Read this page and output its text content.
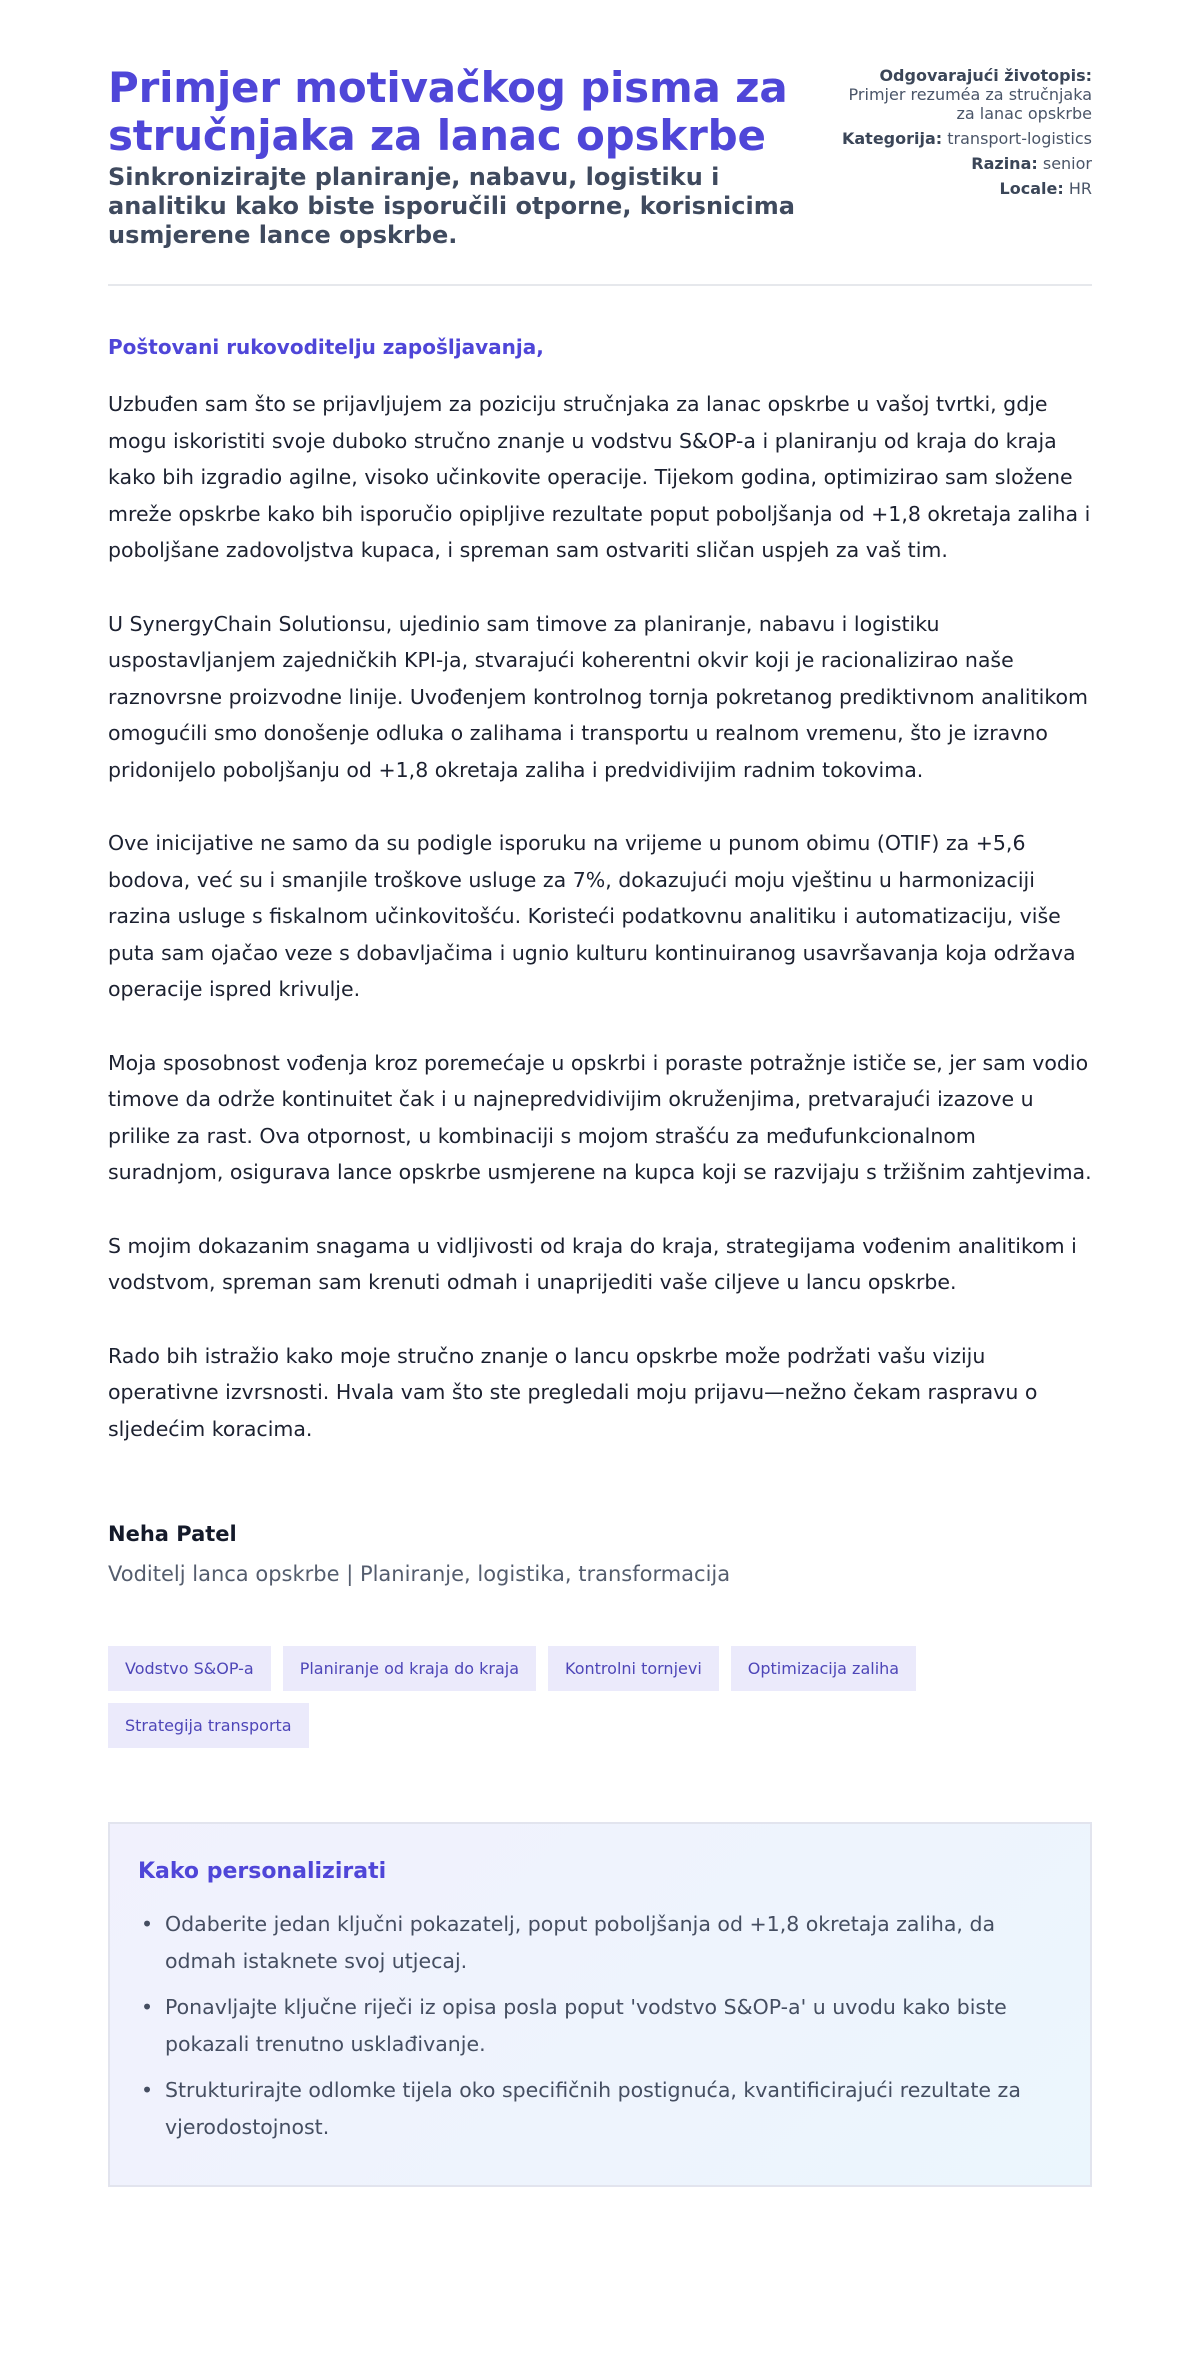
Primjer motivačkog pisma za stručnjaka za lanac opskrbe
Sinkronizirajte planiranje, nabavu, logistiku i analitiku kako biste isporučili otporne, korisnicima usmjerene lance opskrbe.
Odgovarajući životopis:
Primjer rezuméa za stručnjaka za lanac opskrbe
Kategorija: transport-logistics
Razina: senior
Locale: HR

Poštovani rukovoditelju zapošljavanja,

Uzbuđen sam što se prijavljujem za poziciju stručnjaka za lanac opskrbe u vašoj tvrtki, gdje mogu iskoristiti svoje duboko stručno znanje u vodstvu S&OP-a i planiranju od kraja do kraja kako bih izgradio agilne, visoko učinkovite operacije. Tijekom godina, optimizirao sam složene mreže opskrbe kako bih isporučio opipljive rezultate poput poboljšanja od +1,8 okretaja zaliha i poboljšane zadovoljstva kupaca, i spreman sam ostvariti sličan uspjeh za vaš tim.

U SynergyChain Solutionsu, ujedinio sam timove za planiranje, nabavu i logistiku uspostavljanjem zajedničkih KPI-ja, stvarajući koherentni okvir koji je racionalizirao naše raznovrsne proizvodne linije. Uvođenjem kontrolnog tornja pokretanog prediktivnom analitikom omogućili smo donošenje odluka o zalihama i transportu u realnom vremenu, što je izravno pridonijelo poboljšanju od +1,8 okretaja zaliha i predvidivijim radnim tokovima.

Ove inicijative ne samo da su podigle isporuku na vrijeme u punom obimu (OTIF) za +5,6 bodova, već su i smanjile troškove usluge za 7%, dokazujući moju vještinu u harmonizaciji razina usluge s fiskalnom učinkovitošću. Koristeći podatkovnu analitiku i automatizaciju, više puta sam ojačao veze s dobavljačima i ugnio kulturu kontinuiranog usavršavanja koja održava operacije ispred krivulje.

Moja sposobnost vođenja kroz poremećaje u opskrbi i poraste potražnje ističe se, jer sam vodio timove da održe kontinuitet čak i u najnepredvidivijim okruženjima, pretvarajući izazove u prilike za rast. Ova otpornost, u kombinaciji s mojom strašću za međufunkcionalnom suradnjom, osigurava lance opskrbe usmjerene na kupca koji se razvijaju s tržišnim zahtjevima.

S mojim dokazanim snagama u vidljivosti od kraja do kraja, strategijama vođenim analitikom i vodstvom, spreman sam krenuti odmah i unaprijediti vaše ciljeve u lancu opskrbe.

Rado bih istražio kako moje stručno znanje o lancu opskrbe može podržati vašu viziju operativne izvrsnosti. Hvala vam što ste pregledali moju prijavu—nežno čekam raspravu o sljedećim koracima.

Neha Patel

Voditelj lanca opskrbe | Planiranje, logistika, transformacija

Vodstvo S&OP-a	Planiranje od kraja do kraja	Kontrolni tornjevi	Optimizacija zaliha
Strategija transporta
Kako personalizirati
• Odaberite jedan ključni pokazatelj, poput poboljšanja od +1,8 okretaja zaliha, da odmah istaknete svoj utjecaj.
• Ponavljajte ključne riječi iz opisa posla poput 'vodstvo S&OP-a' u uvodu kako biste pokazali trenutno usklađivanje.
• Strukturirajte odlomke tijela oko specifičnih postignuća, kvantificirajući rezultate za vjerodostojnost.
